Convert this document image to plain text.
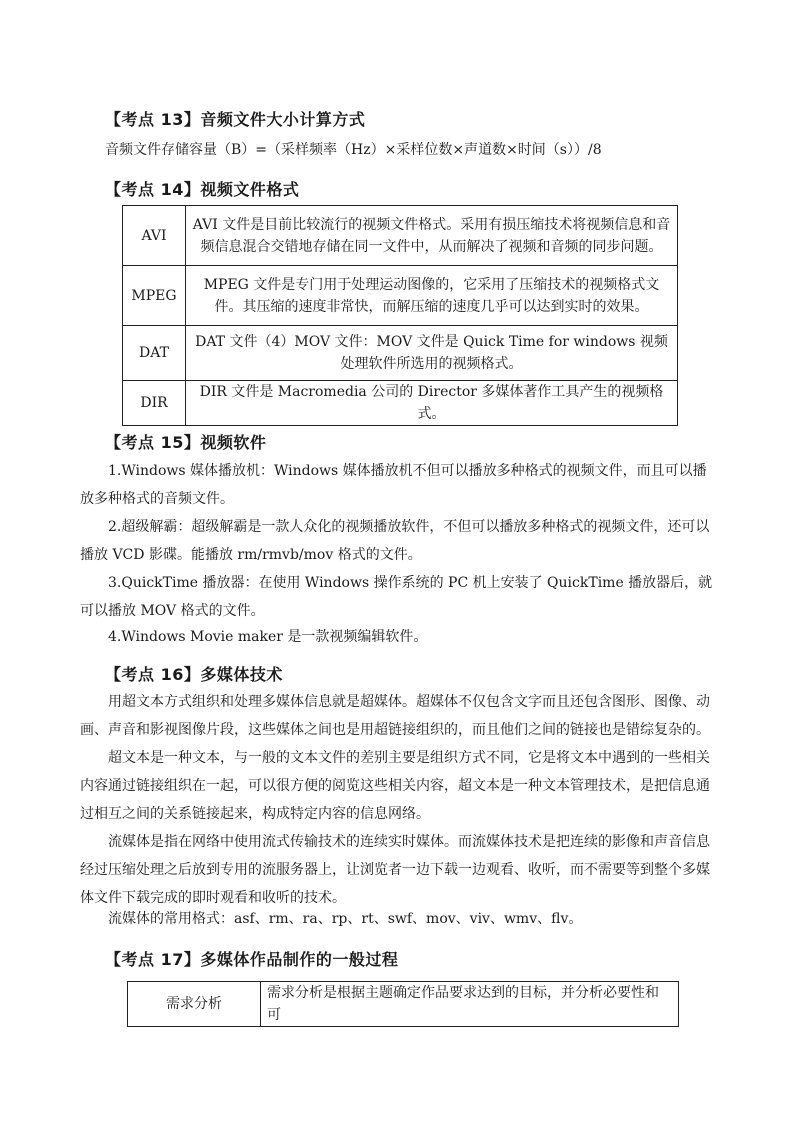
【考点 13】音频文件大小计算方式
音频文件存储容量（B）=（采样频率（Hz）×采样位数×声道数×时间（s））/8
【考点 14】视频文件格式
AVI	AVI 文件是目前比较流行的视频文件格式。采用有损压缩技术将视频信息和音频信息混合交错地存储在同一文件中，从而解决了视频和音频的同步问题。
MPEG	MPEG 文件是专门用于处理运动图像的，它采用了压缩技术的视频格式文件。其压缩的速度非常快，而解压缩的速度几乎可以达到实时的效果。
DAT	DAT 文件（4）MOV 文件：MOV 文件是 Quick Time for windows 视频处理软件所选用的视频格式。
DIR	DIR 文件是 Macromedia 公司的 Director 多媒体著作工具产生的视频格式。
【考点 15】视频软件
1.Windows 媒体播放机：Windows 媒体播放机不但可以播放多种格式的视频文件，而且可以播放多种格式的音频文件。
2.超级解霸：超级解霸是一款人众化的视频播放软件，不但可以播放多种格式的视频文件，还可以播放 VCD 影碟。能播放 rm/rmvb/mov 格式的文件。
3.QuickTime 播放器：在使用 Windows 操作系统的 PC 机上安装了 QuickTime 播放器后，就可以播放 MOV 格式的文件。
4.Windows Movie maker 是一款视频编辑软件。
【考点 16】多媒体技术
用超文本方式组织和处理多媒体信息就是超媒体。超媒体不仅包含文字而且还包含图形、图像、动画、声音和影视图像片段，这些媒体之间也是用超链接组织的，而且他们之间的链接也是错综复杂的。
超文本是一种文本，与一般的文本文件的差别主要是组织方式不同，它是将文本中遇到的一些相关内容通过链接组织在一起，可以很方便的阅览这些相关内容，超文本是一种文本管理技术，是把信息通过相互之间的关系链接起来，构成特定内容的信息网络。
流媒体是指在网络中使用流式传输技术的连续实时媒体。而流媒体技术是把连续的影像和声音信息经过压缩处理之后放到专用的流服务器上，让浏览者一边下载一边观看、收听，而不需要等到整个多媒体文件下载完成的即时观看和收听的技术。
流媒体的常用格式：asf、rm、ra、rp、rt、swf、mov、viv、wmv、flv。
【考点 17】多媒体作品制作的一般过程
需求分析	需求分析是根据主题确定作品要求达到的目标，并分析必要性和可
